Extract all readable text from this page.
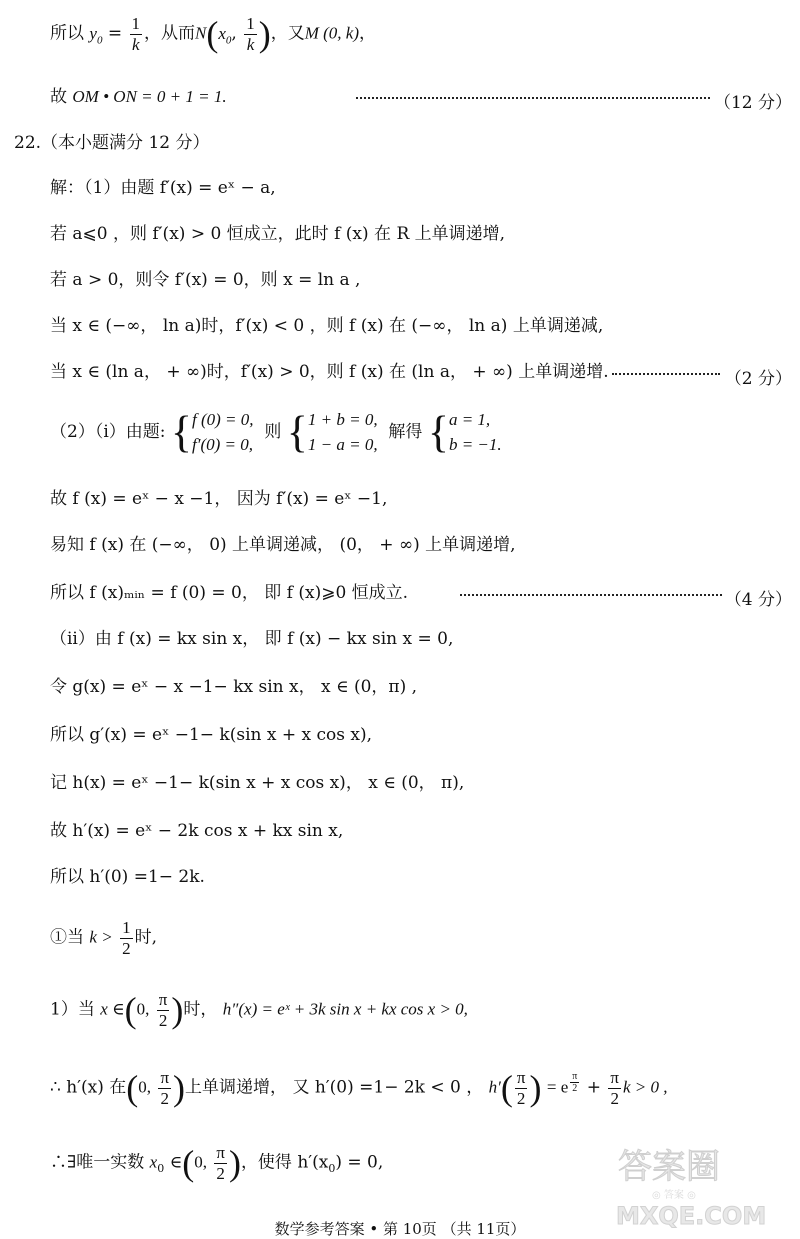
所以 $y_0 = \frac{1}{k}$ ，从而$N(x_0$, $\frac{1}{k}$ )，又M (0, k)，
故 OM • ON = 0 + 1 = 1.	（12 分）
22.（本小题满分 12 分）
解：（1）由题 f′(x) = eˣ − a,
若 a⩽0 ，则 f′(x) > 0 恒成立，此时 f (x) 在 R 上单调递增,
若 a > 0，则令 f′(x) = 0，则 x = ln a ,
当 x ∈ (−∞， ln a)时，f′(x) < 0 ，则 f (x) 在 (−∞， ln a) 上单调递减,
当 x ∈ (ln a， + ∞)时，f′(x) > 0，则 f (x) 在 (ln a， + ∞) 上单调递增.	（2 分）
（2）（i）由题: { f (0) = 0,
f′(0) = 0,
则 { 1 + b = 0,
1 − a = 0,
解得 { a = 1,
b = −1.
故 f (x) = eˣ − x −1， 因为 f′(x) = eˣ −1,
易知 f (x) 在 (−∞， 0) 上单调递减， (0， + ∞) 上单调递增,
所以 f (x)ₘᵢₙ = f (0) = 0， 即 f (x)⩾0 恒成立.	（4 分）
（ii）由 f (x) = kx sin x， 即 f (x) − kx sin x = 0,
令 g(x) = eˣ − x −1− kx sin x， x ∈ (0，π) ,
所以 g′(x) = eˣ −1− k(sin x + x cos x),
记 h(x) = eˣ −1− k(sin x + x cos x)， x ∈ (0， π),
故 h′(x) = eˣ − 2k cos x + kx sin x,
所以 h′(0) =1− 2k.
①当 $k > \frac{1}{2}$ 时,
1）当 x ∈(0, $\frac{\pi}{2}$ )时， h″(x) = eˣ + 3k sin x + kx cos x > 0,
∴ h′(x) 在(0, $\frac{\pi}{2}$ )上单调递增， 又 h′(0) =1− 2k < 0 ， $h'( \frac{\pi}{2}$ ) = e $^{\frac{\pi}{2}} + \frac{\pi}{2}$ k > 0 ,
∴∃唯一实数 $x_0$ ∈(0, $\frac{\pi}{2}$ )，使得 $h'(x_0) = 0$,	答案圈
◎ 答案 ◎
MXQE.COM
数学参考答案 • 第 10页 （共 11页）
